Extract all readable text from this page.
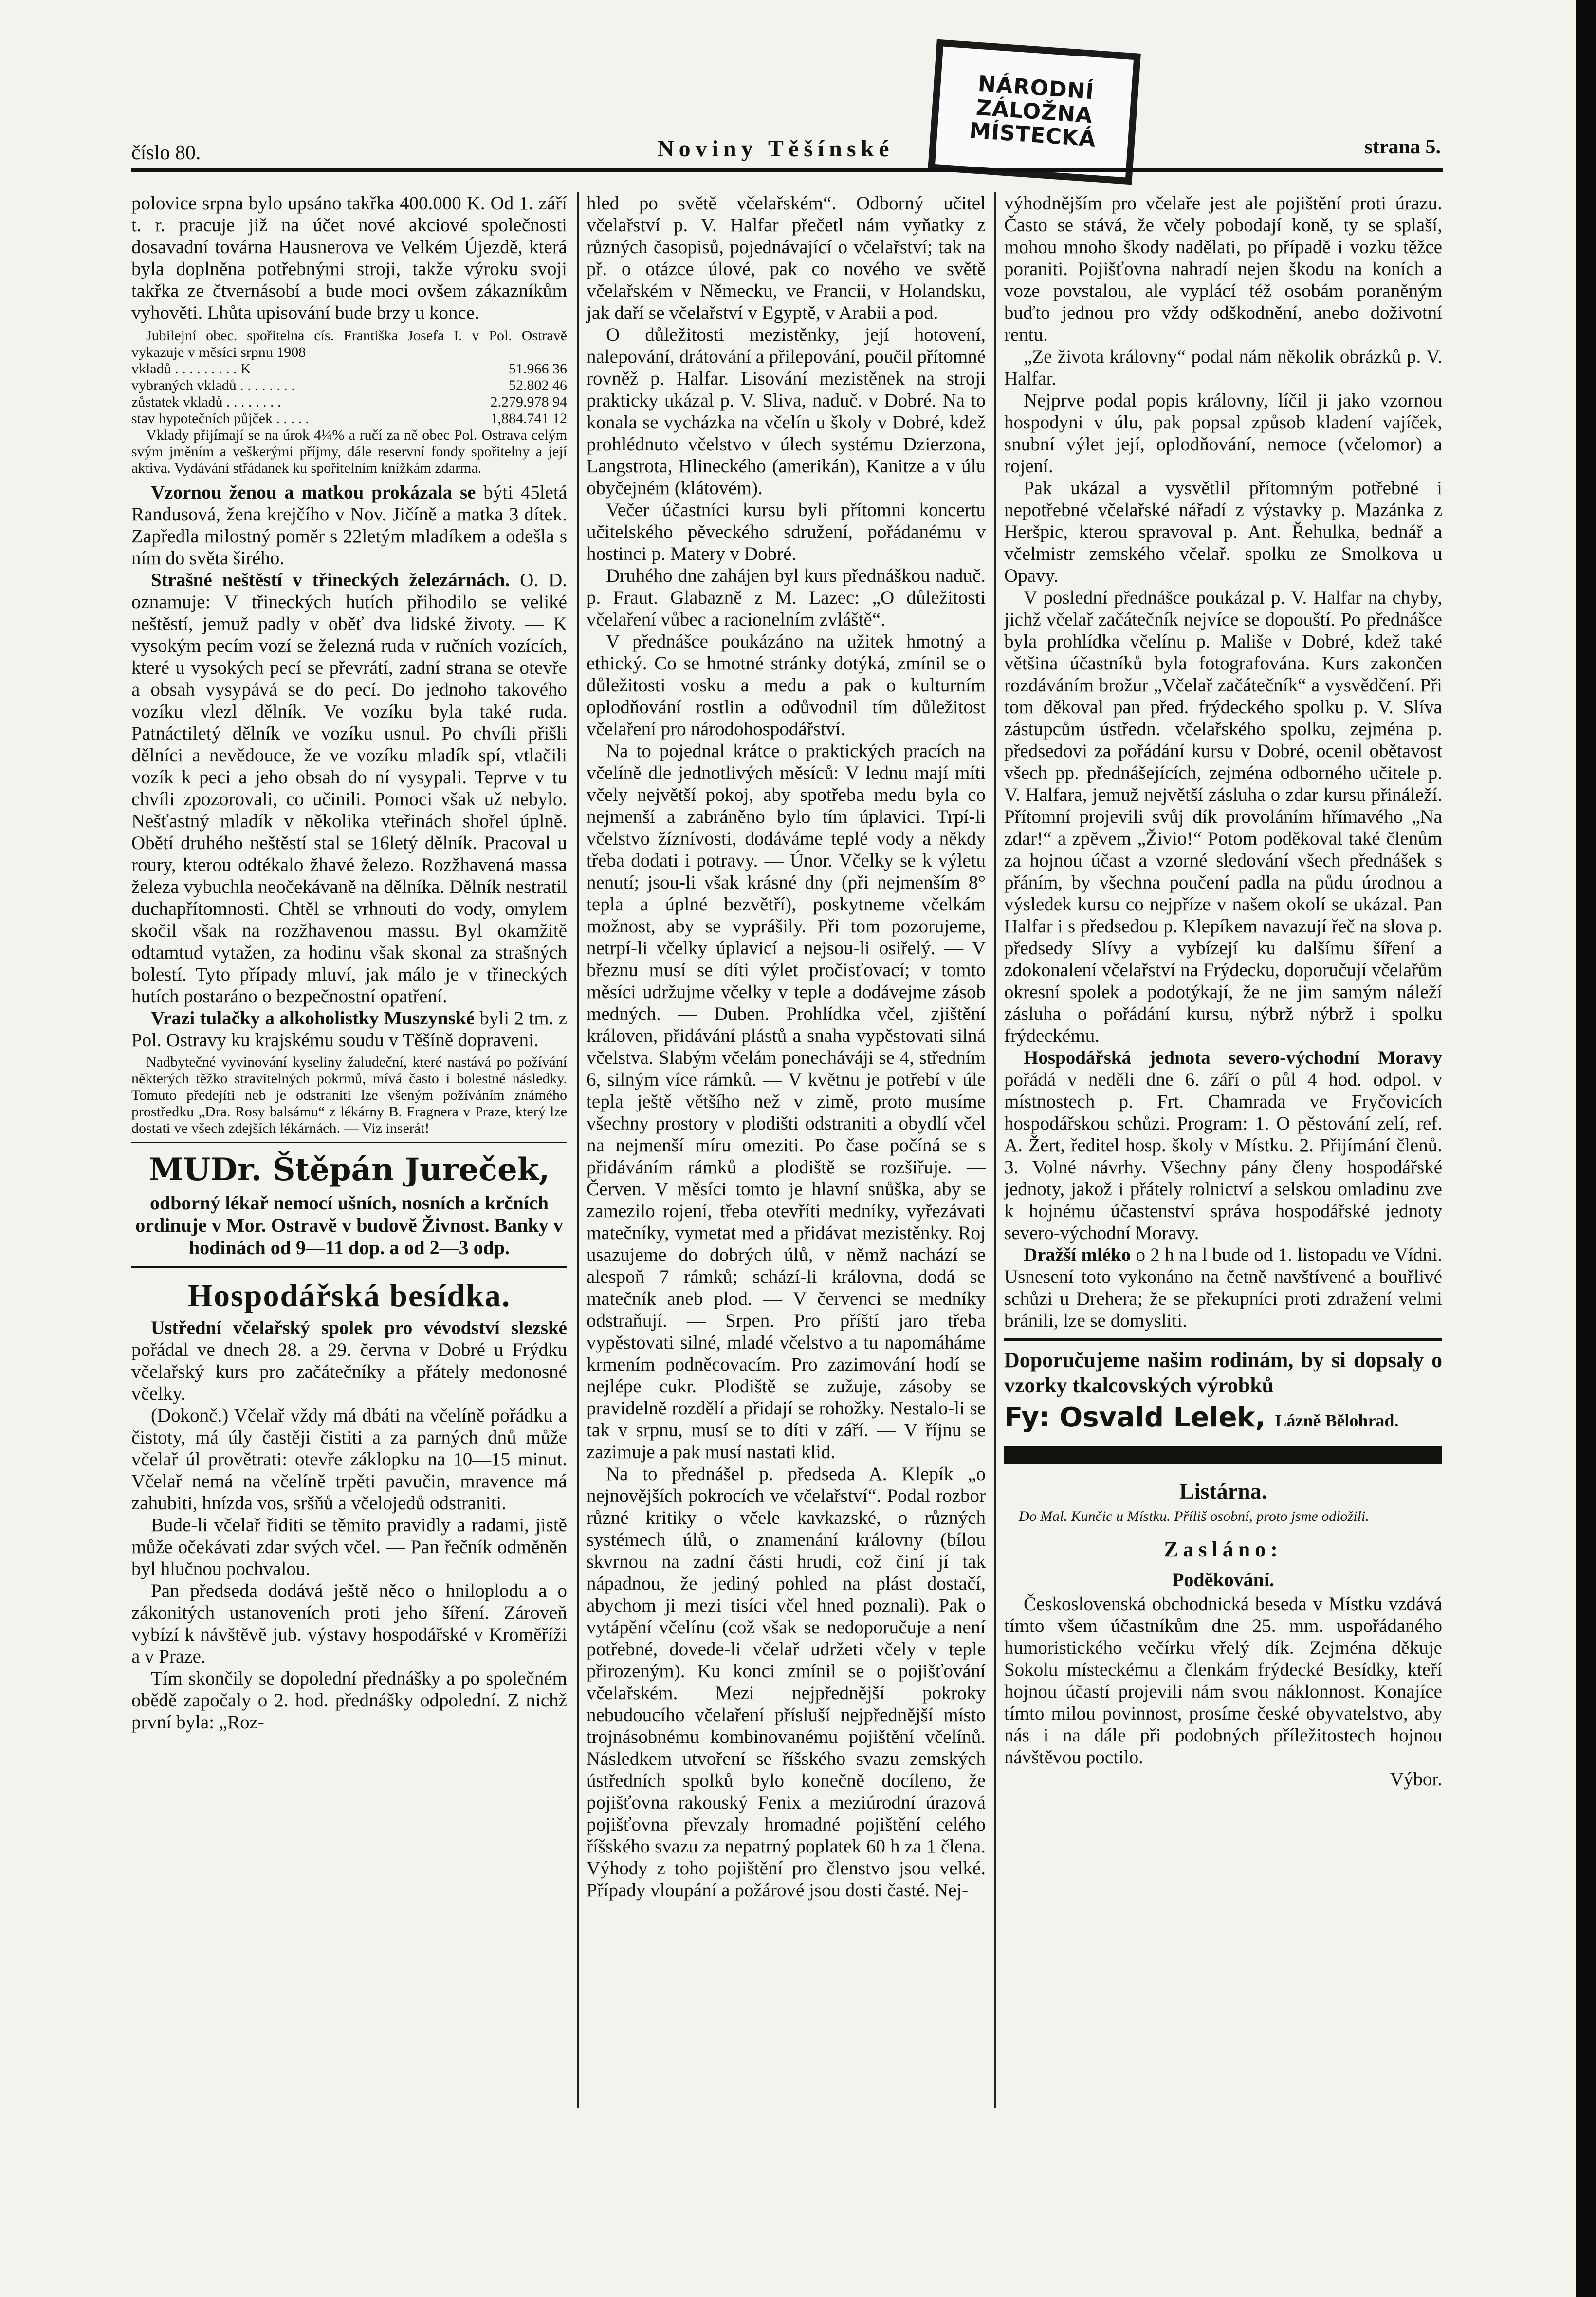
NÁRODNÍ ZÁLOŽNA
MÍSTECKÁ
číslo 80.	Noviny Těšínské	strana 5.

polovice srpna bylo upsáno takřka 400.000 K. Od 1. září t. r. pracuje již na účet nové akciové společnosti dosavadní továrna Hausnerova ve Velkém Újezdě, která byla doplněna potřebnými stroji, takže výroku svoji takřka ze čtvernásobí a bude moci ovšem zákazníkům vyhověti. Lhůta upisování bude brzy u konce.

Jubilejní obec. spořitelna cís. Františka Josefa I. v Pol. Ostravě vykazuje v měsíci srpnu 1908
vkladů . . . . . . . . . K	51.966 36
vybraných vkladů . . . . . . . .	52.802 46
zůstatek vkladů . . . . . . . .	2.279.978 94
stav hypotečních půjček . . . . .	1,884.741 12
Vklady přijímají se na úrok 4¼% a ručí za ně obec Pol. Ostrava celým svým jměním a veškerými příjmy, dále reservní fondy spořitelny a její aktiva. Vydávání střádanek ku spořitelním knížkám zdarma.

Vzornou ženou a matkou prokázala se býti 45letá Randusová, žena krejčího v Nov. Jičíně a matka 3 dítek. Zapředla milostný poměr s 22letým mladíkem a odešla s ním do světa širého.

Strašné neštěstí v třineckých železárnách. O. D. oznamuje: V třineckých hutích přihodilo se veliké neštěstí, jemuž padly v oběť dva lidské životy. — K vysokým pecím vozí se železná ruda v ručních vozících, které u vysokých pecí se převrátí, zadní strana se otevře a obsah vysypává se do pecí. Do jednoho takového vozíku vlezl dělník. Ve vozíku byla také ruda. Patnáctiletý dělník ve vozíku usnul. Po chvíli přišli dělníci a nevědouce, že ve vozíku mladík spí, vtlačili vozík k peci a jeho obsah do ní vysypali. Teprve v tu chvíli zpozorovali, co učinili. Pomoci však už nebylo. Nešťastný mladík v několika vteřinách shořel úplně. Obětí druhého neštěstí stal se 16letý dělník. Pracoval u roury, kterou odtékalo žhavé železo. Rozžhavená massa železa vybuchla neočekávaně na dělníka. Dělník nestratil duchapřítomnosti. Chtěl se vrhnouti do vody, omylem skočil však na rozžhavenou massu. Byl okamžitě odtamtud vytažen, za hodinu však skonal za strašných bolestí. Tyto případy mluví, jak málo je v třineckých hutích postaráno o bezpečnostní opatření.

Vrazi tulačky a alkoholistky Muszynské byli 2 tm. z Pol. Ostravy ku krajskému soudu v Těšíně dopraveni.

Nadbytečné vyvinování kyseliny žaludeční, které nastává po požívání některých těžko stravitelných pokrmů, mívá často i bolestné následky. Tomuto předejíti neb je odstraniti lze všeným požíváním známého prostředku „Dra. Rosy balsámu“ z lékárny B. Fragnera v Praze, který lze dostati ve všech zdejších lékárnách. — Viz inserát!
MUDr. Štěpán Jureček,
odborný lékař nemocí ušních, nosních a krčních ordinuje v Mor. Ostravě v budově Živnost. Banky v hodinách od 9—11 dop. a od 2—3 odp.
Hospodářská besídka.

Ustřední včelařský spolek pro vévodství slezské pořádal ve dnech 28. a 29. června v Dobré u Frýdku včelařský kurs pro začátečníky a přátely medonosné včelky.

(Dokonč.) Včelař vždy má dbáti na včelíně pořádku a čistoty, má úly častěji čistiti a za parných dnů může včelař úl provětrati: otevře záklopku na 10—15 minut. Včelař nemá na včelíně trpěti pavučin, mravence má zahubiti, hnízda vos, sršňů a včelojedů odstraniti.

Bude-li včelař řiditi se těmito pravidly a radami, jistě může očekávati zdar svých včel. — Pan řečník odměněn byl hlučnou pochvalou.

Pan předseda dodává ještě něco o hniloplodu a o zákonitých ustanoveních proti jeho šíření. Zároveň vybízí k návštěvě jub. výstavy hospodářské v Kroměříži a v Praze.

Tím skončily se dopolední přednášky a po společném obědě započaly o 2. hod. přednášky odpolední. Z nichž první byla: „Roz-

hled po světě včelařském“. Odborný učitel včelařství p. V. Halfar přečetl nám vyňatky z různých časopisů, pojednávající o včelařství; tak na př. o otázce úlové, pak co nového ve světě včelařském v Německu, ve Francii, v Holandsku, jak daří se včelařství v Egyptě, v Arabii a pod.

O důležitosti mezistěnky, její hotovení, nalepování, drátování a přilepování, poučil přítomné rovněž p. Halfar. Lisování mezistěnek na stroji prakticky ukázal p. V. Sliva, naduč. v Dobré. Na to konala se vycházka na včelín u školy v Dobré, kdež prohlédnuto včelstvo v úlech systému Dzierzona, Langstrota, Hlineckého (amerikán), Kanitze a v úlu obyčejném (klátovém).

Večer účastníci kursu byli přítomni koncertu učitelského pěveckého sdružení, pořádanému v hostinci p. Matery v Dobré.

Druhého dne zahájen byl kurs přednáškou naduč. p. Fraut. Glabazně z M. Lazec: „O důležitosti včelaření vůbec a racionelním zvláště“.

V přednášce poukázáno na užitek hmotný a ethický. Co se hmotné stránky dotýká, zmínil se o důležitosti vosku a medu a pak o kulturním oplodňování rostlin a odůvodnil tím důležitost včelaření pro národohospodářství.

Na to pojednal krátce o praktických pracích na včelíně dle jednotlivých měsíců: V lednu mají míti včely největší pokoj, aby spotřeba medu byla co nejmenší a zabráněno bylo tím úplavici. Trpí-li včelstvo žíznívosti, dodáváme teplé vody a někdy třeba dodati i potravy. — Únor. Včelky se k výletu nenutí; jsou-li však krásné dny (při nejmenším 8° tepla a úplné bezvětří), poskytneme včelkám možnost, aby se vyprášily. Při tom pozorujeme, netrpí-li včelky úplavicí a nejsou-li osiřelý. — V březnu musí se díti výlet pročisťovací; v tomto měsíci udržujme včelky v teple a dodávejme zásob medných. — Duben. Prohlídka včel, zjištění královen, přidávání plástů a snaha vypěstovati silná včelstva. Slabým včelám ponecháváji se 4, středním 6, silným více rámků. — V květnu je potřebí v úle tepla ještě většího než v zimě, proto musíme všechny prostory v plodišti odstraniti a obydlí včel na nejmenší míru omeziti. Po čase počíná se s přidáváním rámků a plodiště se rozšiřuje. — Červen. V měsíci tomto je hlavní snůška, aby se zamezilo rojení, třeba otevříti medníky, vyřezávati matečníky, vymetat med a přidávat mezistěnky. Roj usazujeme do dobrých úlů, v němž nachází se alespoň 7 rámků; schází-li královna, dodá se matečník aneb plod. — V červenci se medníky odstraňují. — Srpen. Pro příští jaro třeba vypěstovati silné, mladé včelstvo a tu napomáháme krmením podněcovacím. Pro zazimování hodí se nejlépe cukr. Plodiště se zužuje, zásoby se pravidelně rozdělí a přidají se rohožky. Nestalo-li se tak v srpnu, musí se to díti v září. — V říjnu se zazimuje a pak musí nastati klid.

Na to přednášel p. předseda A. Klepík „o nejnovějších pokrocích ve včelařství“. Podal rozbor různé kritiky o včele kavkazské, o různých systémech úlů, o znamenání královny (bílou skvrnou na zadní části hrudi, což činí jí tak nápadnou, že jediný pohled na plást dostačí, abychom ji mezi tisíci včel hned poznali). Pak o vytápění včelínu (což však se nedoporučuje a není potřebné, dovede-li včelař udržeti včely v teple přirozeným). Ku konci zmínil se o pojišťování včelařském. Mezi nejpřednější pokroky nebudoucího včelaření přísluší nejpřednější místo trojnásobnému kombinovanému pojištění včelínů. Následkem utvoření se říšského svazu zemských ústředních spolků bylo konečně docíleno, že pojišťovna rakouský Fenix a meziúrodní úrazová pojišťovna převzaly hromadné pojištění celého říšského svazu za nepatrný poplatek 60 h za 1 člena. Výhody z toho pojištění pro členstvo jsou velké. Případy vloupání a požárové jsou dosti časté. Nej-

výhodnějším pro včelaře jest ale pojištění proti úrazu. Často se stává, že včely pobodají koně, ty se splaší, mohou mnoho škody nadělati, po případě i vozku těžce poraniti. Pojišťovna nahradí nejen škodu na koních a voze povstalou, ale vyplácí též osobám poraněným buďto jednou pro vždy odškodnění, anebo doživotní rentu.

„Ze života královny“ podal nám několik obrázků p. V. Halfar.

Nejprve podal popis královny, líčil ji jako vzornou hospodyni v úlu, pak popsal způsob kladení vajíček, snubní výlet její, oplodňování, nemoce (včelomor) a rojení.

Pak ukázal a vysvětlil přítomným potřebné i nepotřebné včelařské nářadí z výstavky p. Mazánka z Heršpic, kterou spravoval p. Ant. Řehulka, bednář a včelmistr zemského včelař. spolku ze Smolkova u Opavy.

V poslední přednášce poukázal p. V. Halfar na chyby, jichž včelař začátečník nejvíce se dopouští. Po přednášce byla prohlídka včelínu p. Mališe v Dobré, kdež také většina účastníků byla fotografována. Kurs zakončen rozdáváním brožur „Včelař začátečník“ a vysvědčení. Při tom děkoval pan před. frýdeckého spolku p. V. Slíva zástupcům ústředn. včelařského spolku, zejména p. předsedovi za pořádání kursu v Dobré, ocenil obětavost všech pp. přednášejících, zejména odborného učitele p. V. Halfara, jemuž největší zásluha o zdar kursu přináleží. Přítomní projevili svůj dík provoláním hřímavého „Na zdar!“ a zpěvem „Živio!“ Potom poděkoval také členům za hojnou účast a vzorné sledování všech přednášek s přáním, by všechna poučení padla na půdu úrodnou a výsledek kursu co nejpříze v našem okolí se ukázal. Pan Halfar i s předsedou p. Klepíkem navazují řeč na slova p. předsedy Slívy a vybízejí ku dalšímu šíření a zdokonalení včelařství na Frýdecku, doporučují včelařům okresní spolek a podotýkají, že ne jim samým náleží zásluha o pořádání kursu, nýbrž nýbrž i spolku frýdeckému.

Hospodářská jednota severo-východní Moravy pořádá v neděli dne 6. září o půl 4 hod. odpol. v místnostech p. Frt. Chamrada ve Fryčovicích hospodářskou schůzi. Program: 1. O pěstování zelí, ref. A. Žert, ředitel hosp. školy v Místku. 2. Přijímání členů. 3. Volné návrhy. Všechny pány členy hospodářské jednoty, jakož i přátely rolnictví a selskou omladinu zve k hojnému účastenství správa hospodářské jednoty severo-východní Moravy.

Dražší mléko o 2 h na l bude od 1. listopadu ve Vídni. Usnesení toto vykonáno na četně navštívené a bouřlivé schůzi u Drehera; že se překupníci proti zdražení velmi bránili, lze se domysliti.

Doporučujeme našim rodinám, by si dopsaly o vzorky tkalcovských výrobků
Fy: Osvald Lelek, Lázně Bělohrad.
Listárna.
Do Mal. Kunčic u Místku. Příliš osobní, proto jsme odložili.
Zasláno:
Poděkování.

Československá obchodnická beseda v Místku vzdává tímto všem účastníkům dne 25. mm. uspořádaného humoristického večírku vřelý dík. Zejména děkuje Sokolu místeckému a členkám frýdecké Besídky, kteří hojnou účastí projevili nám svou náklonnost. Konajíce tímto milou povinnost, prosíme české obyvatelstvo, aby nás i na dále při podobných příležitostech hojnou návštěvou poctilo.

Výbor.
